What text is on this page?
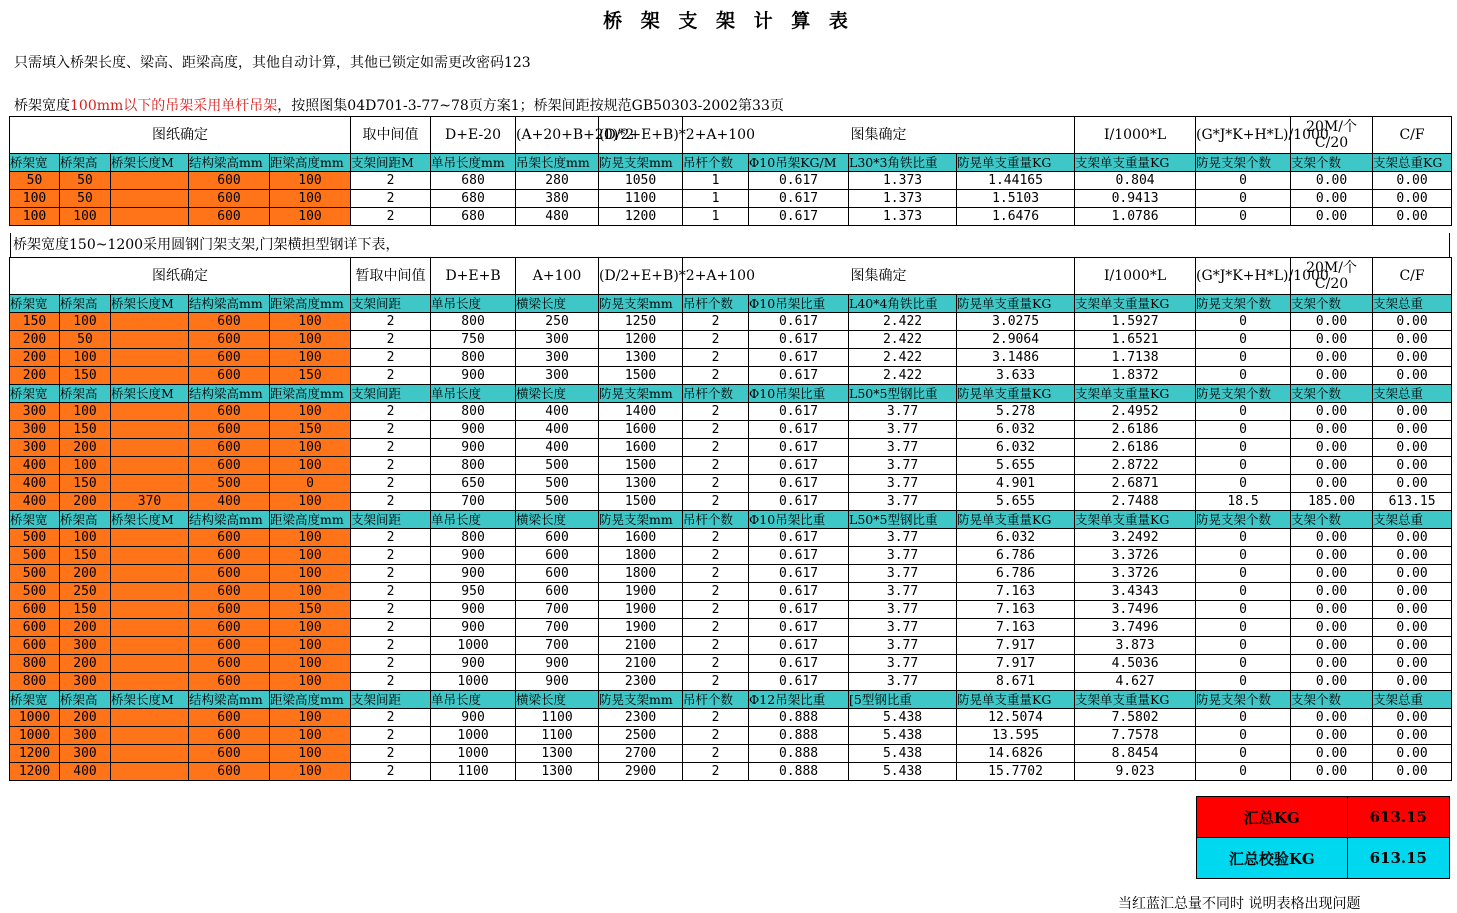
桥 架 支 架 计 算 表
只需填入桥架长度、梁高、距梁高度，其他自动计算，其他已锁定如需更改密码123
桥架宽度100mm以下的吊架采用单杆吊架，按照图集04D701-3-77~78页方案1；桥架间距按规范GB50303-2002第33页
图纸确定					取中间值	D+E-20	(A+20+B+20)*2	(D/2+E+B)*2+A+100	图集确定				I/1000*L	(G*J*K+H*L)/1000	20M/个 C/20	C/F	
桥架宽	桥架高	桥架长度M	结构梁高mm	距梁高度mm	支架间距M	单吊长度mm	吊架长度mm	防晃支架mm	吊杆个数	Φ10吊架KG/M	L30*3角铁比重	防晃单支重量KG	支架单支重量KG	防晃支架个数	支架个数	支架总重KG	
50	50		600	100	2	680	280	1050	1	0.617	1.373	1.44165	0.804	0	0.00	0.00	
100	50		600	100	2	680	380	1100	1	0.617	1.373	1.5103	0.9413	0	0.00	0.00	
100	100		600	100	2	680	480	1200	1	0.617	1.373	1.6476	1.0786	0	0.00	0.00	
桥架宽度150~1200采用圆钢门架支架,门架横担型钢详下表，
图纸确定					暂取中间值	D+E+B	A+100	(D/2+E+B)*2+A+100	图集确定				I/1000*L	(G*J*K+H*L)/1000	20M/个 C/20	C/F	
桥架宽	桥架高	桥架长度M	结构梁高mm	距梁高度mm	支架间距	单吊长度	横梁长度	防晃支架mm	吊杆个数	Φ10吊架比重	L40*4角铁比重	防晃单支重量KG	支架单支重量KG	防晃支架个数	支架个数	支架总重	
150	100		600	100	2	800	250	1250	2	0.617	2.422	3.0275	1.5927	0	0.00	0.00	
200	50		600	100	2	750	300	1200	2	0.617	2.422	2.9064	1.6521	0	0.00	0.00	
200	100		600	100	2	800	300	1300	2	0.617	2.422	3.1486	1.7138	0	0.00	0.00	
200	150		600	150	2	900	300	1500	2	0.617	2.422	3.633	1.8372	0	0.00	0.00	
桥架宽	桥架高	桥架长度M	结构梁高mm	距梁高度mm	支架间距	单吊长度	横梁长度	防晃支架mm	吊杆个数	Φ10吊架比重	L50*5型钢比重	防晃单支重量KG	支架单支重量KG	防晃支架个数	支架个数	支架总重	
300	100		600	100	2	800	400	1400	2	0.617	3.77	5.278	2.4952	0	0.00	0.00	
300	150		600	150	2	900	400	1600	2	0.617	3.77	6.032	2.6186	0	0.00	0.00	
300	200		600	100	2	900	400	1600	2	0.617	3.77	6.032	2.6186	0	0.00	0.00	
400	100		600	100	2	800	500	1500	2	0.617	3.77	5.655	2.8722	0	0.00	0.00	
400	150		500	0	2	650	500	1300	2	0.617	3.77	4.901	2.6871	0	0.00	0.00	
400	200	370	400	100	2	700	500	1500	2	0.617	3.77	5.655	2.7488	18.5	185.00	613.15	
桥架宽	桥架高	桥架长度M	结构梁高mm	距梁高度mm	支架间距	单吊长度	横梁长度	防晃支架mm	吊杆个数	Φ10吊架比重	L50*5型钢比重	防晃单支重量KG	支架单支重量KG	防晃支架个数	支架个数	支架总重	
500	100		600	100	2	800	600	1600	2	0.617	3.77	6.032	3.2492	0	0.00	0.00	
500	150		600	100	2	900	600	1800	2	0.617	3.77	6.786	3.3726	0	0.00	0.00	
500	200		600	100	2	900	600	1800	2	0.617	3.77	6.786	3.3726	0	0.00	0.00	
500	250		600	100	2	950	600	1900	2	0.617	3.77	7.163	3.4343	0	0.00	0.00	
600	150		600	150	2	900	700	1900	2	0.617	3.77	7.163	3.7496	0	0.00	0.00	
600	200		600	100	2	900	700	1900	2	0.617	3.77	7.163	3.7496	0	0.00	0.00	
600	300		600	100	2	1000	700	2100	2	0.617	3.77	7.917	3.873	0	0.00	0.00	
800	200		600	100	2	900	900	2100	2	0.617	3.77	7.917	4.5036	0	0.00	0.00	
800	300		600	100	2	1000	900	2300	2	0.617	3.77	8.671	4.627	0	0.00	0.00	
桥架宽	桥架高	桥架长度M	结构梁高mm	距梁高度mm	支架间距	单吊长度	横梁长度	防晃支架mm	吊杆个数	Φ12吊架比重	[5型钢比重	防晃单支重量KG	支架单支重量KG	防晃支架个数	支架个数	支架总重	
1000	200		600	100	2	900	1100	2300	2	0.888	5.438	12.5074	7.5802	0	0.00	0.00	
1000	300		600	100	2	1000	1100	2500	2	0.888	5.438	13.595	7.7578	0	0.00	0.00	
1200	300		600	100	2	1000	1300	2700	2	0.888	5.438	14.6826	8.8454	0	0.00	0.00	
1200	400		600	100	2	1100	1300	2900	2	0.888	5.438	15.7702	9.023	0	0.00	0.00	
汇总KG	613.15
汇总校验KG	613.15
当红蓝汇总量不同时 说明表格出现问题
